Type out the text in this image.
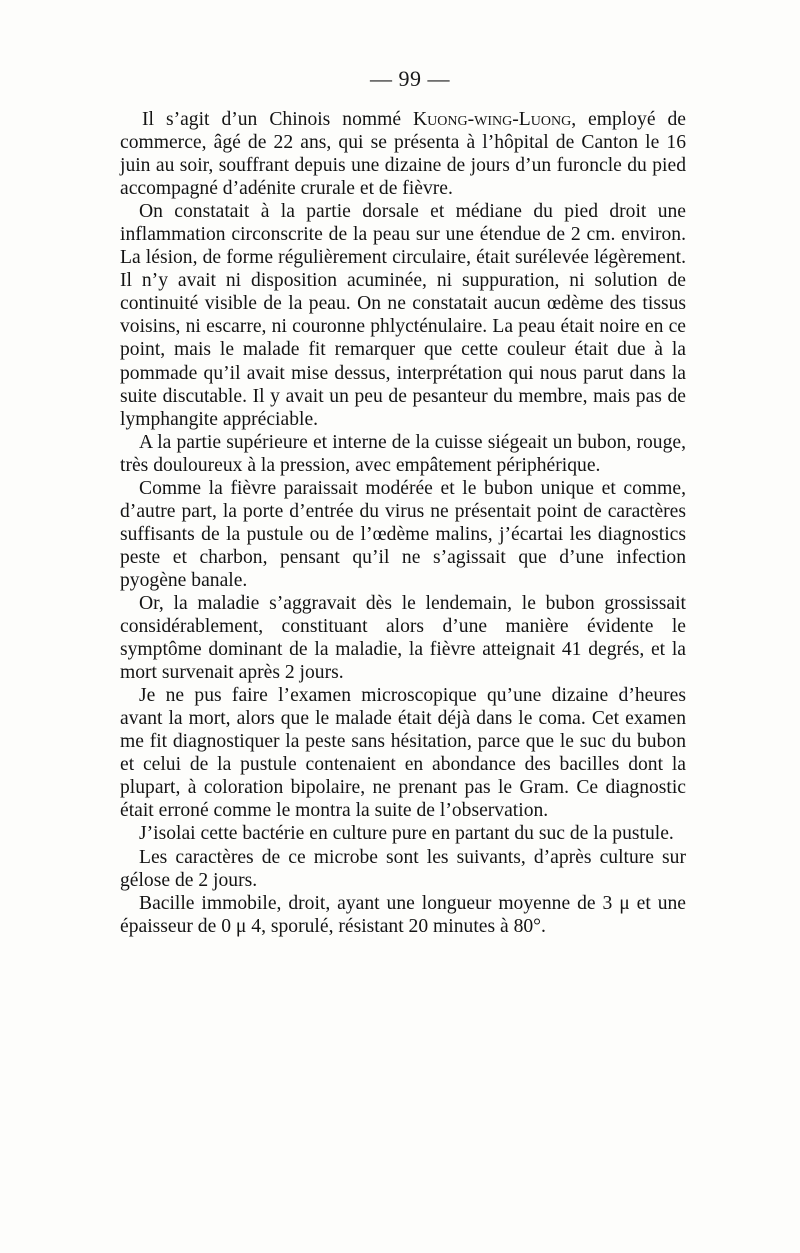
— 99 —

Il s’agit d’un Chinois nommé Kuong-wing-Luong, employé de commerce, âgé de 22 ans, qui se présenta à l’hôpital de Canton le 16 juin au soir, souffrant depuis une dizaine de jours d’un furoncle du pied accompagné d’adénite crurale et de fièvre.

On constatait à la partie dorsale et médiane du pied droit une inflammation circonscrite de la peau sur une étendue de 2 cm. environ. La lésion, de forme régulièrement circulaire, était surélevée légèrement. Il n’y avait ni disposition acuminée, ni suppuration, ni solution de continuité visible de la peau. On ne constatait aucun œdème des tissus voisins, ni escarre, ni couronne phlycténulaire. La peau était noire en ce point, mais le malade fit remarquer que cette couleur était due à la pommade qu’il avait mise dessus, interprétation qui nous parut dans la suite discutable. Il y avait un peu de pesanteur du membre, mais pas de lymphangite appréciable.

A la partie supérieure et interne de la cuisse siégeait un bubon, rouge, très douloureux à la pression, avec empâtement périphérique.

Comme la fièvre paraissait modérée et le bubon unique et comme, d’autre part, la porte d’entrée du virus ne présentait point de caractères suffisants de la pustule ou de l’œdème malins, j’écartai les diagnostics peste et charbon, pensant qu’il ne s’agissait que d’une infection pyogène banale.

Or, la maladie s’aggravait dès le lendemain, le bubon grossissait considérablement, constituant alors d’une manière évidente le symptôme dominant de la maladie, la fièvre atteignait 41 degrés, et la mort survenait après 2 jours.

Je ne pus faire l’examen microscopique qu’une dizaine d’heures avant la mort, alors que le malade était déjà dans le coma. Cet examen me fit diagnostiquer la peste sans hésitation, parce que le suc du bubon et celui de la pustule contenaient en abondance des bacilles dont la plupart, à coloration bipolaire, ne prenant pas le Gram. Ce diagnostic était erroné comme le montra la suite de l’observation.

J’isolai cette bactérie en culture pure en partant du suc de la pustule.

Les caractères de ce microbe sont les suivants, d’après culture sur gélose de 2 jours.

Bacille immobile, droit, ayant une longueur moyenne de 3 μ et une épaisseur de 0 μ 4, sporulé, résistant 20 minutes à 80°.
